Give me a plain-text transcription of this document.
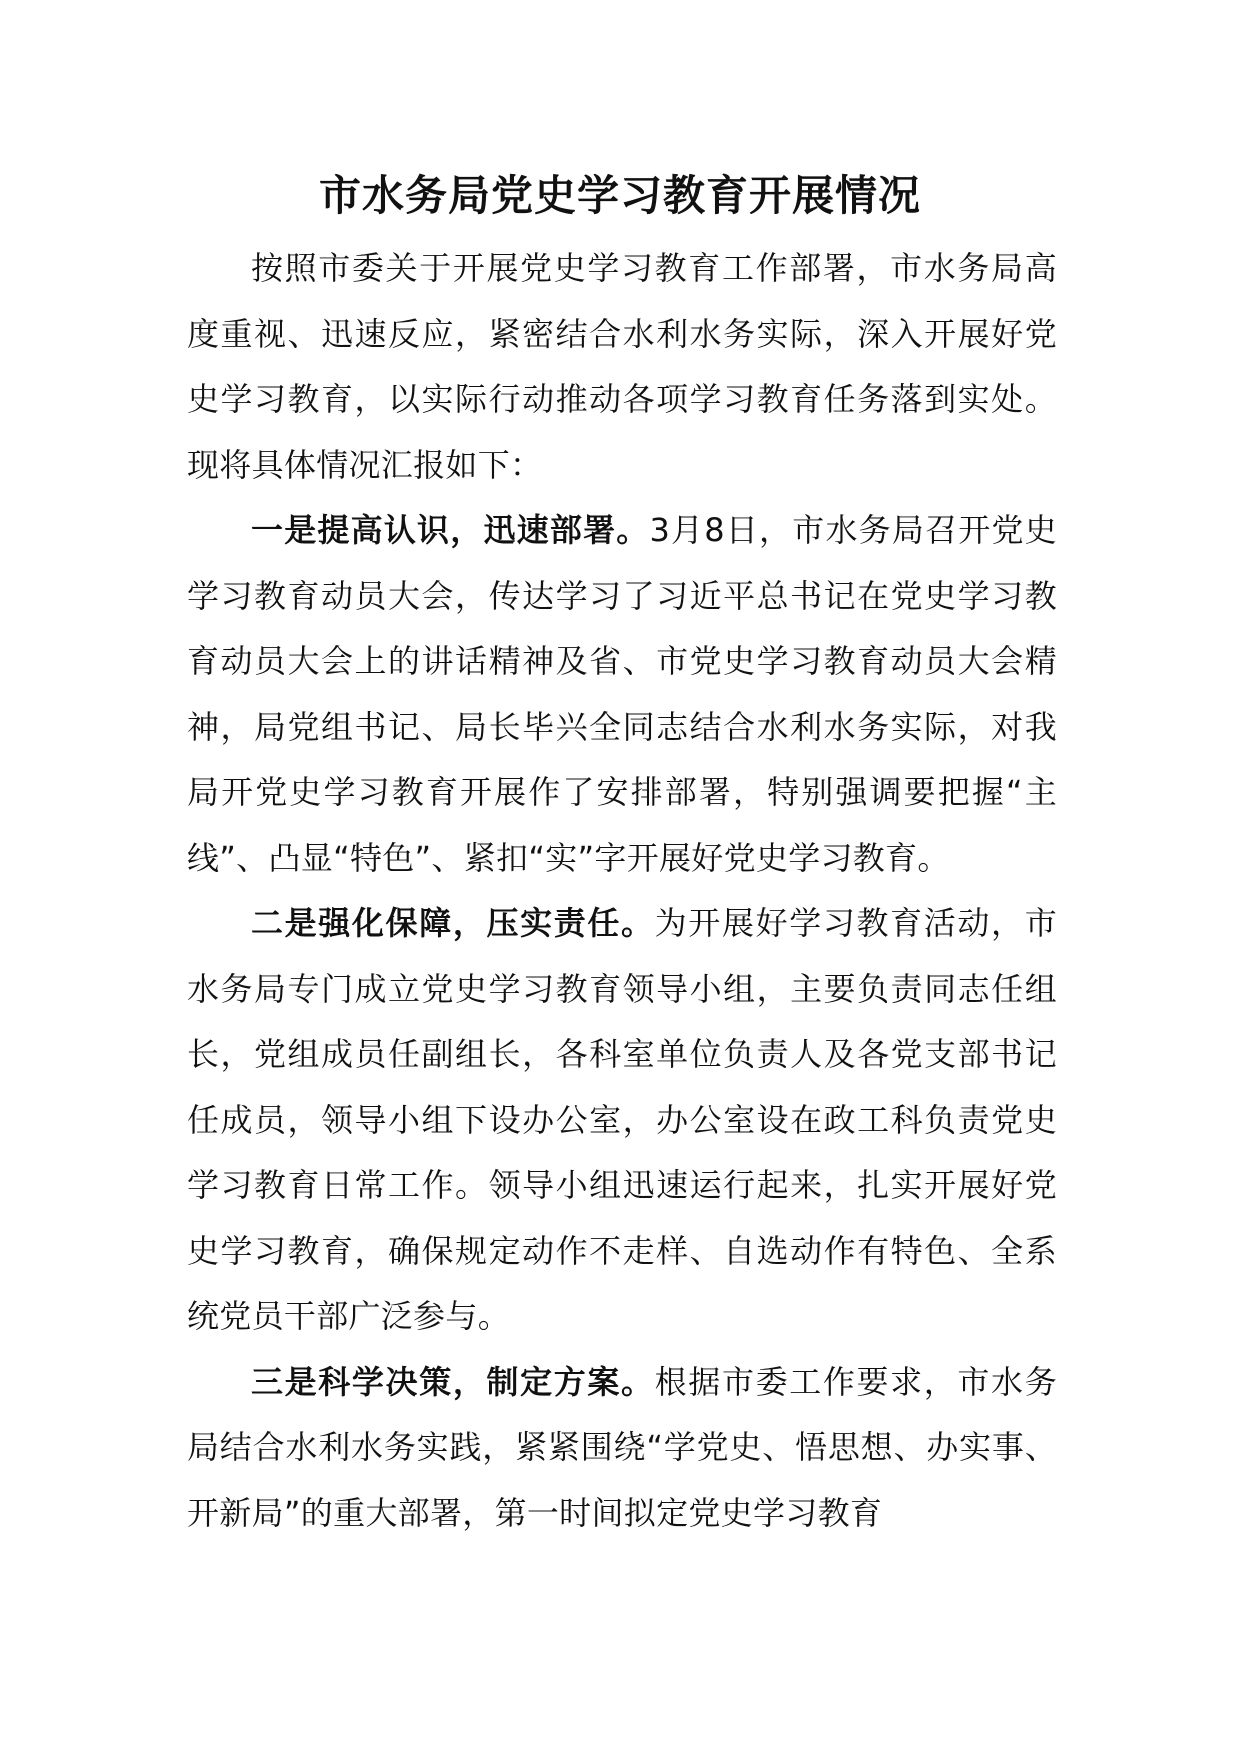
市水务局党史学习教育开展情况

按照市委关于开展党史学习教育工作部署，市水务局高度重视、迅速反应，紧密结合水利水务实际，深入开展好党史学习教育，以实际行动推动各项学习教育任务落到实处。现将具体情况汇报如下：

一是提高认识，迅速部署。3月8日，市水务局召开党史学习教育动员大会，传达学习了习近平总书记在党史学习教育动员大会上的讲话精神及省、市党史学习教育动员大会精神，局党组书记、局长毕兴全同志结合水利水务实际，对我局开党史学习教育开展作了安排部署，特别强调要把握“主线”、凸显“特色”、紧扣“实”字开展好党史学习教育。

二是强化保障，压实责任。为开展好学习教育活动，市水务局专门成立党史学习教育领导小组，主要负责同志任组长，党组成员任副组长，各科室单位负责人及各党支部书记任成员，领导小组下设办公室，办公室设在政工科负责党史学习教育日常工作。领导小组迅速运行起来，扎实开展好党史学习教育，确保规定动作不走样、自选动作有特色、全系统党员干部广泛参与。

三是科学决策，制定方案。根据市委工作要求，市水务局结合水利水务实践，紧紧围绕“学党史、悟思想、办实事、开新局”的重大部署，第一时间拟定党史学习教育
